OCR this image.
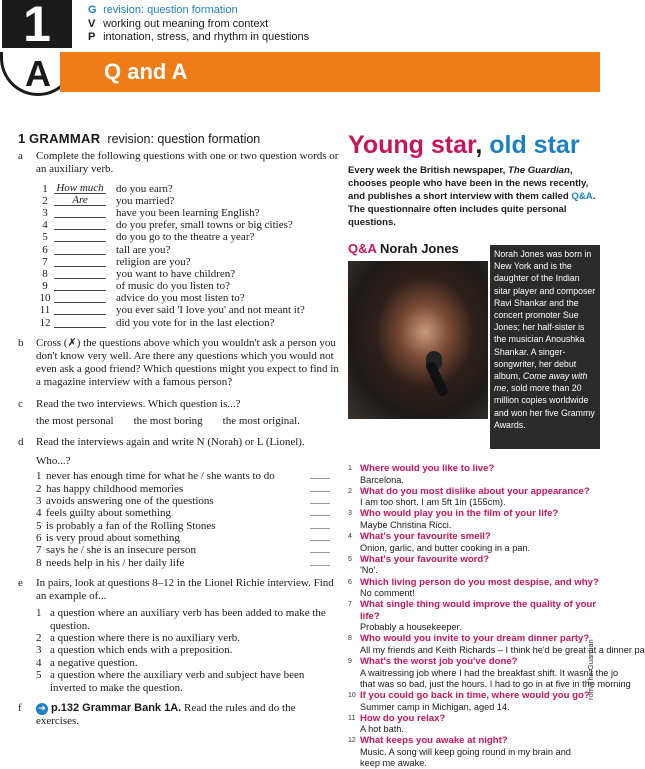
1
A
G revision: question formation
V working out meaning from context
P intonation, stress, and rhythm in questions
Q and A
1 GRAMMAR revision: question formation
a	Complete the following questions with one or two question words or an auxiliary verb.
1 How much do you earn?
2	Are	you married?
3	have you been learning English?
4	do you prefer, small towns or big cities?
5	do you go to the theatre a year?
6	tall are you?
7	religion are you?
8	you want to have children?
9	of music do you listen to?
10	advice do you most listen to?
11	you ever said 'I love you' and not meant it?
12	did you vote for in the last election?
b	Cross (✗) the questions above which you wouldn't ask a person you don't know very well. Are there any questions which you would not even ask a good friend? Which questions might you expect to find in a magazine interview with a famous person?
c	Read the two interviews. Which question is...?
the most personal the most boring the most original.
d	Read the interviews again and write N (Norah) or L (Lionel).
Who...?
1 never has enough time for what he / she wants to do
2 has happy childhood memories
3 avoids answering one of the questions
4 feels guilty about something
5 is probably a fan of the Rolling Stones
6 is very proud about something
7 says he / she is an insecure person
8 needs help in his / her daily life
e	In pairs, look at questions 8–12 in the Lionel Richie interview. Find an example of...
1 a question where an auxiliary verb has been added to make the question.
2 a question where there is no auxiliary verb.
3 a question which ends with a preposition.
4 a negative question.
5 a question where the auxiliary verb and subject have been inverted to make the question.
f	➔ p.132 Grammar Bank 1A. Read the rules and do the exercises.
Young star, old star
Every week the British newspaper, The Guardian, chooses people who have been in the news recently, and publishes a short interview with them called Q&A. The questionnaire often includes quite personal questions.
Q&A Norah Jones	Norah Jones was born in New York and is the daughter of the Indian sitar player and composer Ravi Shankar and the concert promoter Sue Jones; her half-sister is the musician Anoushka Shankar. A singer-songwriter, her debut album, Come away with me, sold more than 20 million copies worldwide and won her five Grammy Awards.
1 Where would you like to live?
Barcelona.
2 What do you most dislike about your appearance?
I am too short. I am 5ft 1in (155cm).
3 Who would play you in the film of your life?
Maybe Christina Ricci.
4 What's your favourite smell?
Onion, garlic, and butter cooking in a pan.
5 What's your favourite word?
'No'.
6 Which living person do you most despise, and why?
No comment!
7 What single thing would improve the quality of your life?
Probably a housekeeper.
8 Who would you invite to your dream dinner party?
All my friends and Keith Richards – I think he'd be great at a dinner pa
9 What's the worst job you've done?
A waitressing job where I had the breakfast shift. It wasn't the jo
that was so bad, just the hours. I had to go in at five in the morning
10 If you could go back in time, where would you go?
Summer camp in Michigan, aged 14.
11 How do you relax?
A hot bath.
12 What keeps you awake at night?
Music. A song will keep going round in my brain and
keep me awake.
rom The Guardian
